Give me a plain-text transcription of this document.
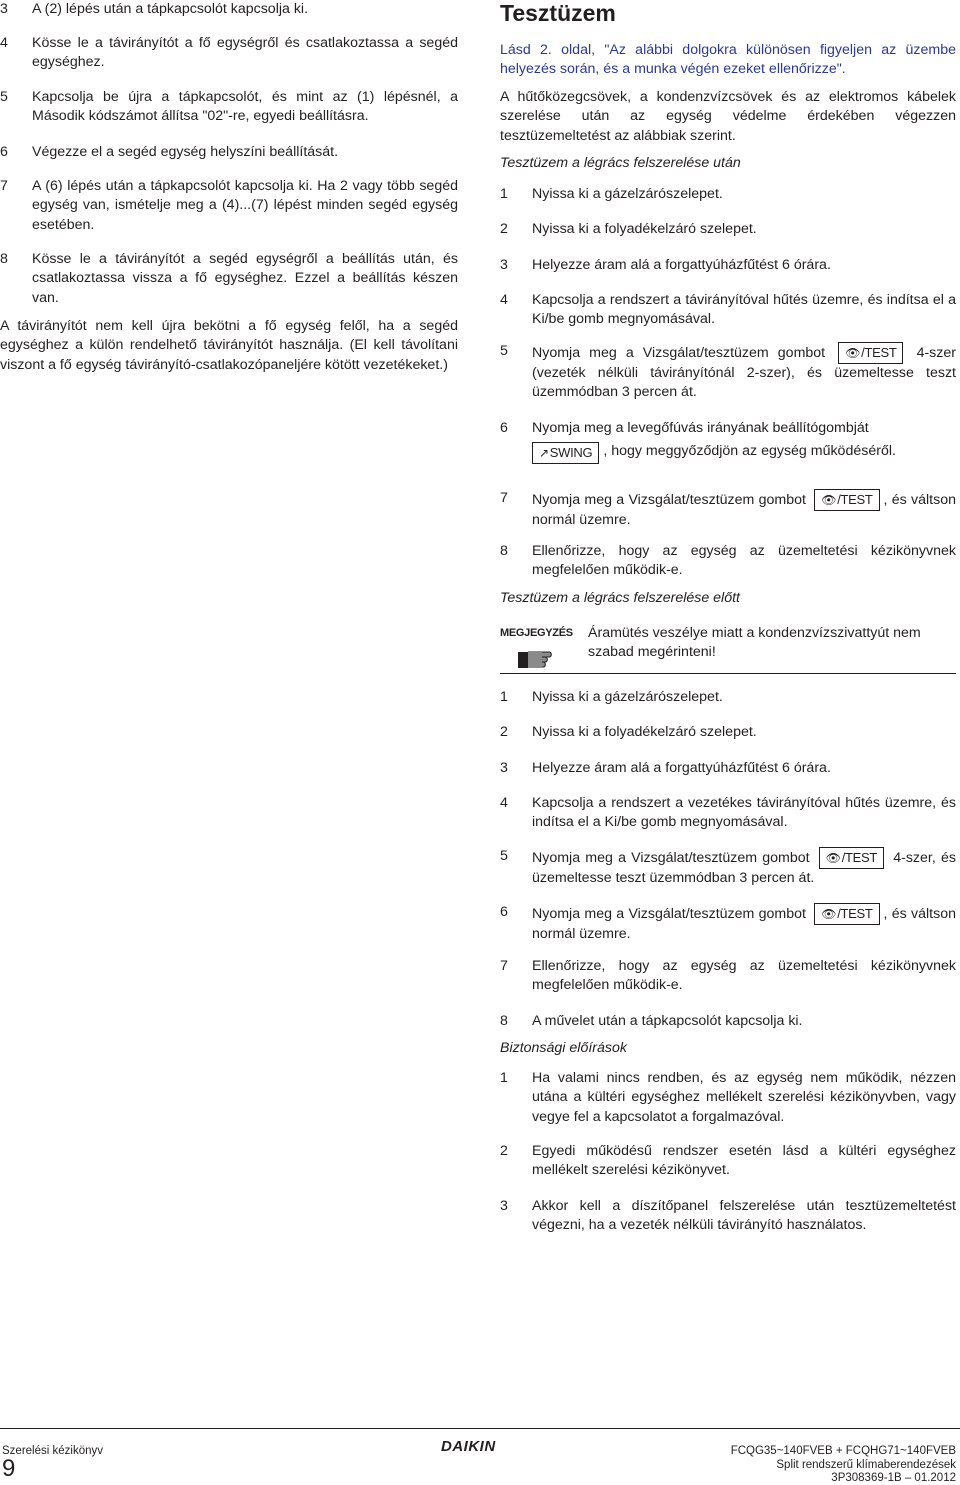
3	A (2) lépés után a tápkapcsolót kapcsolja ki.
4	Kösse le a távirányítót a fő egységről és csatlakoztassa a segéd egységhez.
5	Kapcsolja be újra a tápkapcsolót, és mint az (1) lépésnél, a Második kódszámot állítsa "02"-re, egyedi beállításra.
6	Végezze el a segéd egység helyszíni beállítását.
7	A (6) lépés után a tápkapcsolót kapcsolja ki. Ha 2 vagy több segéd egység van, ismételje meg a (4)...(7) lépést minden segéd egység esetében.
8	Kösse le a távirányítót a segéd egységről a beállítás után, és csatlakoztassa vissza a fő egységhez. Ezzel a beállítás készen van.
A távirányítót nem kell újra bekötni a fő egység felől, ha a segéd egységhez a külön rendelhető távirányítót használja. (El kell távolítani viszont a fő egység távirányító-csatlakozópaneljére kötött vezetékeket.)
Tesztüzem
Lásd 2. oldal, "Az alábbi dolgokra különösen figyeljen az üzembe helyezés során, és a munka végén ezeket ellenőrizze".
A hűtőközegcsövek, a kondenzvízcsövek és az elektromos kábelek szerelése után az egység védelme érdekében végezzen tesztüzemeltetést az alábbiak szerint.
Tesztüzem a légrács felszerelése után
1	Nyissa ki a gázelzárószelepet.
2	Nyissa ki a folyadékelzáró szelepet.
3	Helyezze áram alá a forgattyúházfűtést 6 órára.
4	Kapcsolja a rendszert a távirányítóval hűtés üzemre, és indítsa el a Ki/be gomb megnyomásával.
5	Nyomja meg a Vizsgálat/tesztüzem gombot 👁/TEST 4-szer (vezeték nélküli távirányítónál 2-szer), és üzemeltesse teszt üzemmódban 3 percen át.
6	Nyomja meg a levegőfúvás irányának beállítógombját
↗SWING , hogy meggyőződjön az egység működéséről.
7	Nyomja meg a Vizsgálat/tesztüzem gombot 👁/TEST , és váltson normál üzemre.
8	Ellenőrizze, hogy az egység az üzemeltetési kézikönyvnek megfelelően működik-e.
Tesztüzem a légrács felszerelése előtt
MEGJEGYZÉS Áramütés veszélye miatt a kondenzvízszivattyút nem szabad megérinteni!
1	Nyissa ki a gázelzárószelepet.
2	Nyissa ki a folyadékelzáró szelepet.
3	Helyezze áram alá a forgattyúházfűtést 6 órára.
4	Kapcsolja a rendszert a vezetékes távirányítóval hűtés üzemre, és indítsa el a Ki/be gomb megnyomásával.
5	Nyomja meg a Vizsgálat/tesztüzem gombot 👁/TEST 4-szer, és üzemeltesse teszt üzemmódban 3 percen át.
6	Nyomja meg a Vizsgálat/tesztüzem gombot 👁/TEST , és váltson normál üzemre.
7	Ellenőrizze, hogy az egység az üzemeltetési kézikönyvnek megfelelően működik-e.
8	A művelet után a tápkapcsolót kapcsolja ki.
Biztonsági előírások
1	Ha valami nincs rendben, és az egység nem működik, nézzen utána a kültéri egységhez mellékelt szerelési kézikönyvben, vagy vegye fel a kapcsolatot a forgalmazóval.
2	Egyedi működésű rendszer esetén lásd a kültéri egységhez mellékelt szerelési kézikönyvet.
3	Akkor kell a díszítőpanel felszerelése után tesztüzemeltetést végezni, ha a vezeték nélküli távirányító használatos.
Szerelési kézikönyv
9
DAIKIN	FCQG35~140FVEB + FCQHG71~140FVEB
Split rendszerű klímaberendezések
3P308369-1B – 01.2012
